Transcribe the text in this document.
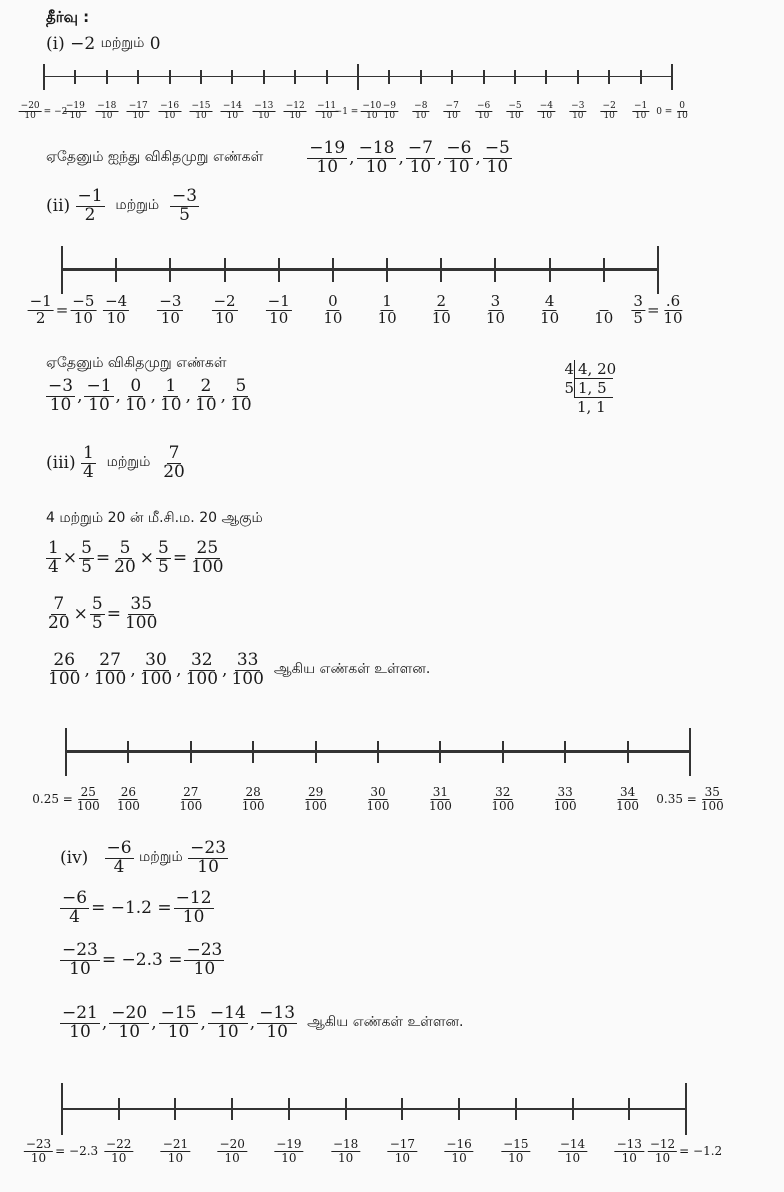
தீர்வு :
(i)
−2
மற்றும்
0
$\frac{-20}{10} = -2$
$\frac{-19}{10} \frac{-18}{10} \frac{-17}{10} \frac{-16}{10} \frac{-15}{10} \frac{-14}{10} \frac{-13}{10} \frac{-12}{10} \frac{-11}{10}$
$-1 = \frac{-10}{10}$
$\frac{-9}{10} \frac{-8}{10} \frac{-7}{10} \frac{-6}{10} \frac{-5}{10} \frac{-4}{10} \frac{-3}{10} \frac{-2}{10} \frac{-1}{10} 0 = \frac{0}{10}$
ஏதேனும் ஐந்து விகிதமுறு எண்கள்	$\frac{-19}{10}$ , $\frac{-18}{10}$ , $\frac{-7}{10}$ , $\frac{-6}{10}$ , $\frac{-5}{10}$
(ii)
$\frac{-1}{2}$
மற்றும்
$\frac{-3}{5}$
$\frac{-1}{2} = \frac{-5}{10} \frac{-4}{10} \frac{-3}{10} \frac{-2}{10} \frac{-1}{10} \frac{0}{10} \frac{1}{10} \frac{2}{10} \frac{3}{10} \frac{4}{10}$
$10 \frac{3}{5} = \frac{.6}{10}$
ஏதேனும் விகிதமுறு எண்கள்
$\frac{-3}{10}$ , $\frac{-1}{10}$ , $\frac{0}{10}$ , $\frac{1}{10}$ , $\frac{2}{10}$ , $\frac{5}{10}$
4 4, 20
5 1, 5
1, 1
(iii)
$\frac{1}{4}$
மற்றும்
$\frac{7}{20}$
4 மற்றும் 20 ன் மீ.சி.ம. 20 ஆகும்
$\frac{1}{4} \times \frac{5}{5} = \frac{5}{20} \times \frac{5}{5} = \frac{25}{100}$
$\frac{7}{20} \times \frac{5}{5} = \frac{35}{100}$
$\frac{26}{100}$ , $\frac{27}{100}$ , $\frac{30}{100}$ , $\frac{32}{100}$ , $\frac{33}{100}$ ஆகிய எண்கள் உள்ளன.
$0.25 = \frac{25}{100} \frac{26}{100}$	$\frac{27}{100}$	$\frac{28}{100}$	$\frac{29}{100}$	$\frac{30}{100}$	$\frac{31}{100}$	$\frac{32}{100}$	$\frac{33}{100}$	$\frac{34}{100} 0.35 = \frac{35}{100}$
(iv)
$\frac{-6}{4}$
மற்றும்
$\frac{-23}{10}$
$\frac{-6}{4} = -1.2 = \frac{-12}{10}$
$\frac{-23}{10} = -2.3 = \frac{-23}{10}$
$\frac{-21}{10}$ , $\frac{-20}{10}$ , $\frac{-15}{10}$ , $\frac{-14}{10}$ , $\frac{-13}{10}$ ஆகிய எண்கள் உள்ளன.
$\frac{-23}{10} = -2.3 \frac{-22}{10} \frac{-21}{10} \frac{-20}{10} \frac{-19}{10} \frac{-18}{10} \frac{-17}{10} \frac{-16}{10} \frac{-15}{10} \frac{-14}{10} \frac{-13}{10} \frac{-12}{10} = -1.2$
